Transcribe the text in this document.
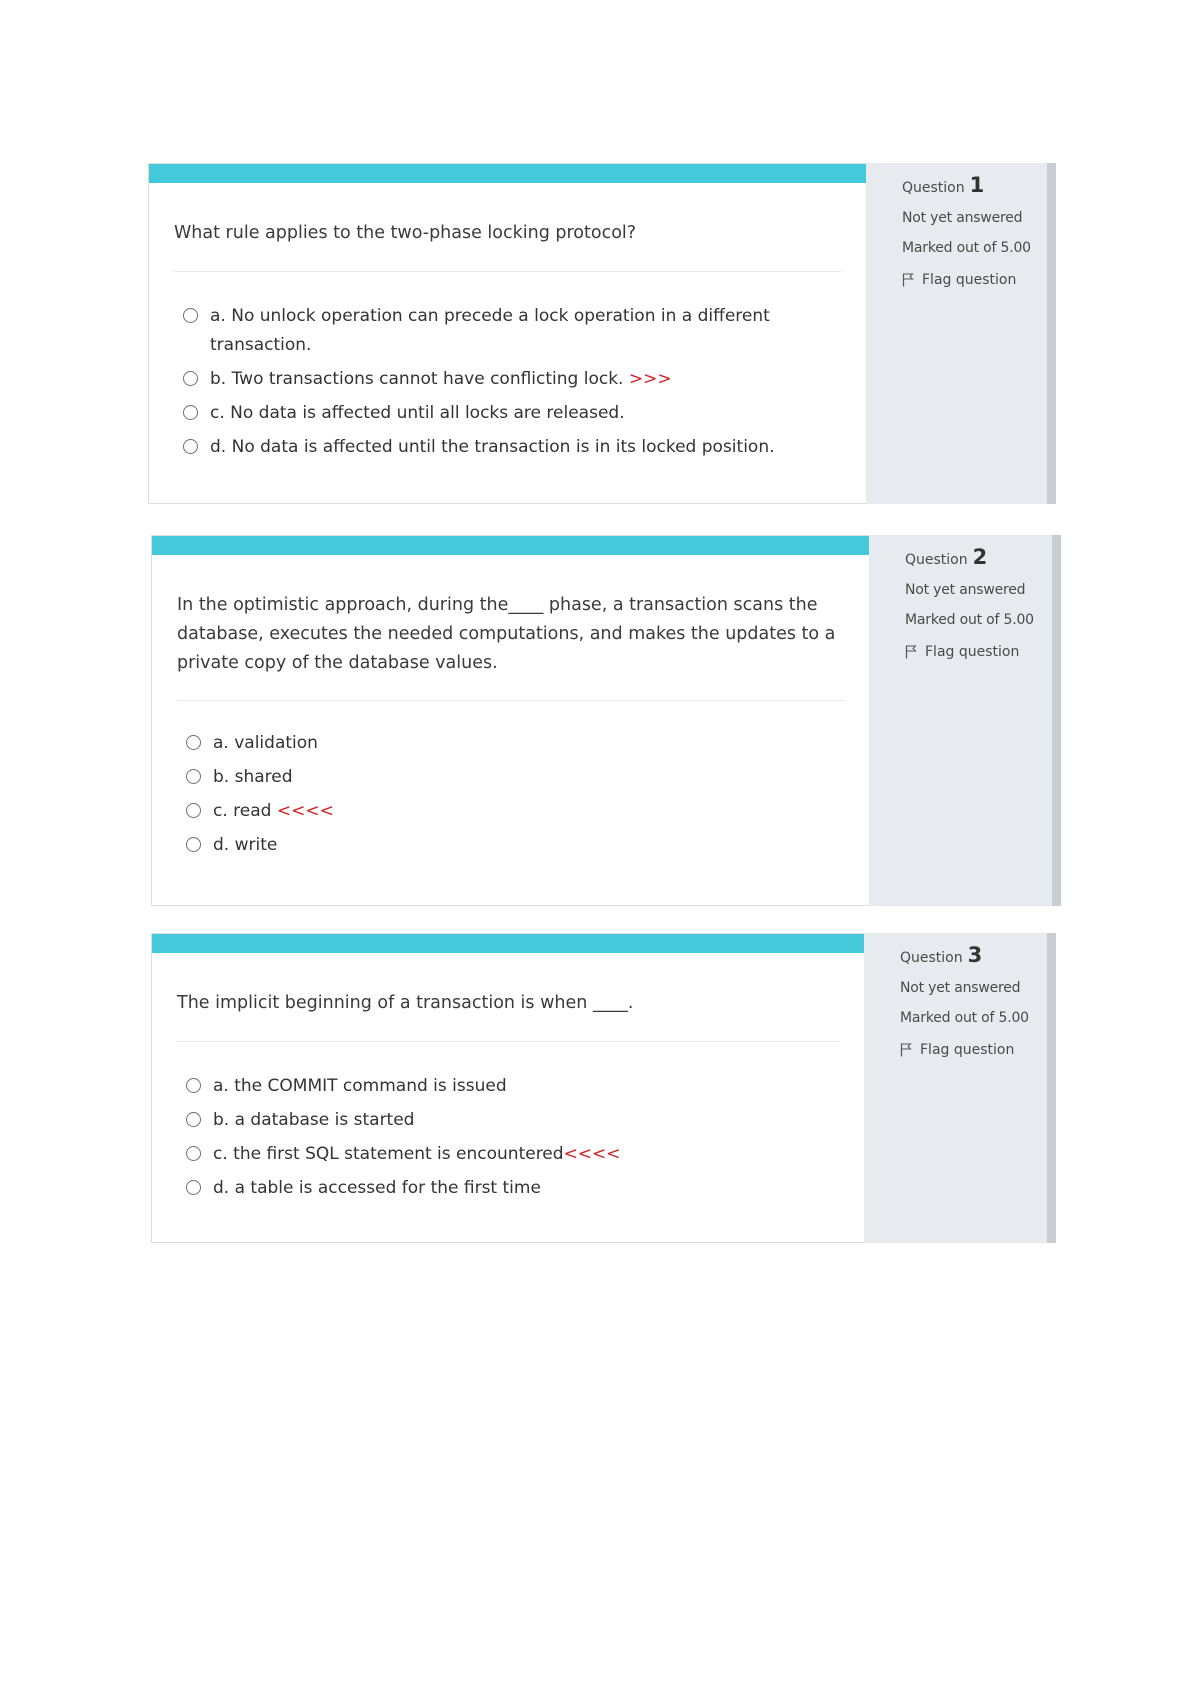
What rule applies to the two-phase locking protocol?
a. No unlock operation can precede a lock operation in a different transaction.
b. Two transactions cannot have conflicting lock. >>>
c. No data is affected until all locks are released.
d. No data is affected until the transaction is in its locked position.
Question 1
Not yet answered
Marked out of 5.00
Flag question
In the optimistic approach, during the____ phase, a transaction scans the database, executes the needed computations, and makes the updates to a private copy of the database values.
a. validation
b. shared
c. read <<<<
d. write
Question 2
Not yet answered
Marked out of 5.00
Flag question
The implicit beginning of a transaction is when ____.
a. the COMMIT command is issued
b. a database is started
c. the first SQL statement is encountered<<<<
d. a table is accessed for the first time
Question 3
Not yet answered
Marked out of 5.00
Flag question
